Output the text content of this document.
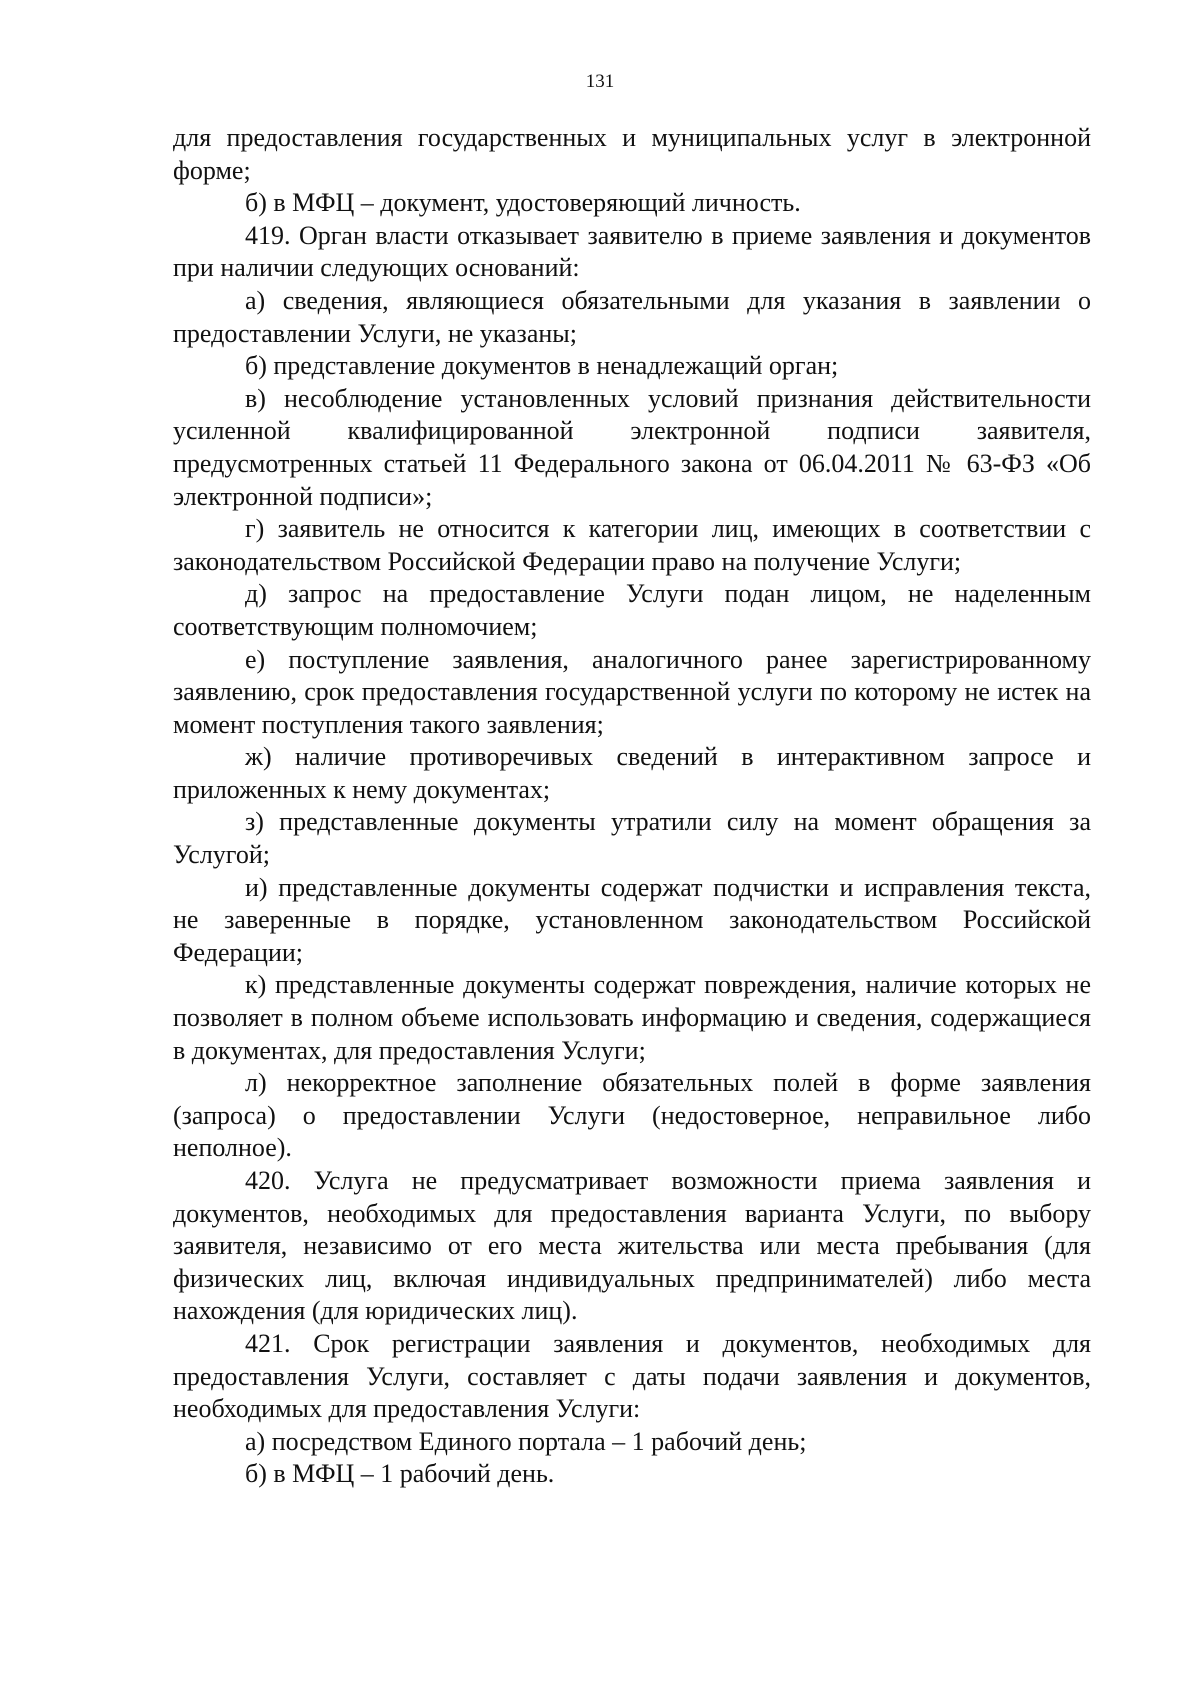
131

для предоставления государственных и муниципальных услуг в электронной форме;

б) в МФЦ – документ, удостоверяющий личность.

419. Орган власти отказывает заявителю в приеме заявления и документов при наличии следующих оснований:

а) сведения, являющиеся обязательными для указания в заявлении о предоставлении Услуги, не указаны;

б) представление документов в ненадлежащий орган;

в) несоблюдение установленных условий признания действительности усиленной квалифицированной электронной подписи заявителя, предусмотренных статьей 11 Федерального закона от 06.04.2011 № 63-ФЗ «Об электронной подписи»;

г) заявитель не относится к категории лиц, имеющих в соответствии с законодательством Российской Федерации право на получение Услуги;

д) запрос на предоставление Услуги подан лицом, не наделенным соответствующим полномочием;

е) поступление заявления, аналогичного ранее зарегистрированному заявлению, срок предоставления государственной услуги по которому не истек на момент поступления такого заявления;

ж) наличие противоречивых сведений в интерактивном запросе и приложенных к нему документах;

з) представленные документы утратили силу на момент обращения за Услугой;

и) представленные документы содержат подчистки и исправления текста, не заверенные в порядке, установленном законодательством Российской Федерации;

к) представленные документы содержат повреждения, наличие которых не позволяет в полном объеме использовать информацию и сведения, содержащиеся в документах, для предоставления Услуги;

л) некорректное заполнение обязательных полей в форме заявления (запроса) о предоставлении Услуги (недостоверное, неправильное либо неполное).

420. Услуга не предусматривает возможности приема заявления и документов, необходимых для предоставления варианта Услуги, по выбору заявителя, независимо от его места жительства или места пребывания (для физических лиц, включая индивидуальных предпринимателей) либо места нахождения (для юридических лиц).

421. Срок регистрации заявления и документов, необходимых для предоставления Услуги, составляет с даты подачи заявления и документов, необходимых для предоставления Услуги:

а) посредством Единого портала – 1 рабочий день;

б) в МФЦ – 1 рабочий день.
